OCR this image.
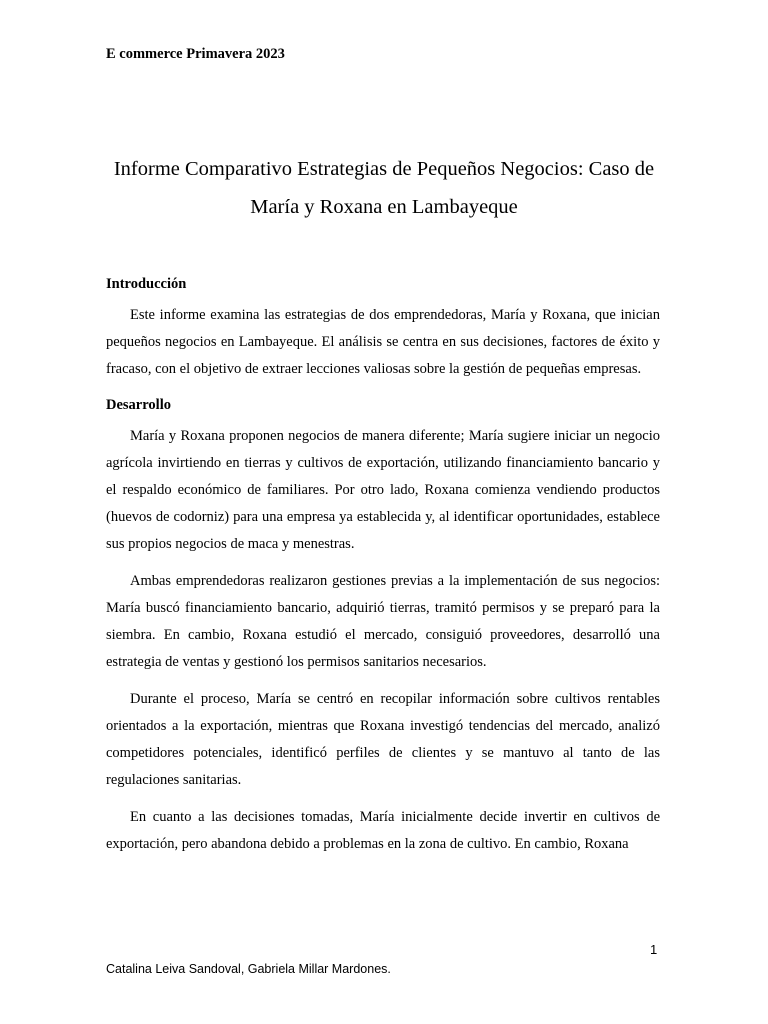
E commerce Primavera 2023
Informe Comparativo Estrategias de Pequeños Negocios: Caso de
María y Roxana en Lambayeque
Introducción

Este informe examina las estrategias de dos emprendedoras, María y Roxana, que inician pequeños negocios en Lambayeque. El análisis se centra en sus decisiones, factores de éxito y fracaso, con el objetivo de extraer lecciones valiosas sobre la gestión de pequeñas empresas.

Desarrollo

María y Roxana proponen negocios de manera diferente; María sugiere iniciar un negocio agrícola invirtiendo en tierras y cultivos de exportación, utilizando financiamiento bancario y el respaldo económico de familiares. Por otro lado, Roxana comienza vendiendo productos (huevos de codorniz) para una empresa ya establecida y, al identificar oportunidades, establece sus propios negocios de maca y menestras.

Ambas emprendedoras realizaron gestiones previas a la implementación de sus negocios: María buscó financiamiento bancario, adquirió tierras, tramitó permisos y se preparó para la siembra. En cambio, Roxana estudió el mercado, consiguió proveedores, desarrolló una estrategia de ventas y gestionó los permisos sanitarios necesarios.

Durante el proceso, María se centró en recopilar información sobre cultivos rentables orientados a la exportación, mientras que Roxana investigó tendencias del mercado, analizó competidores potenciales, identificó perfiles de clientes y se mantuvo al tanto de las regulaciones sanitarias.

En cuanto a las decisiones tomadas, María inicialmente decide invertir en cultivos de exportación, pero abandona debido a problemas en la zona de cultivo. En cambio, Roxana

1
Catalina Leiva Sandoval, Gabriela Millar Mardones.
